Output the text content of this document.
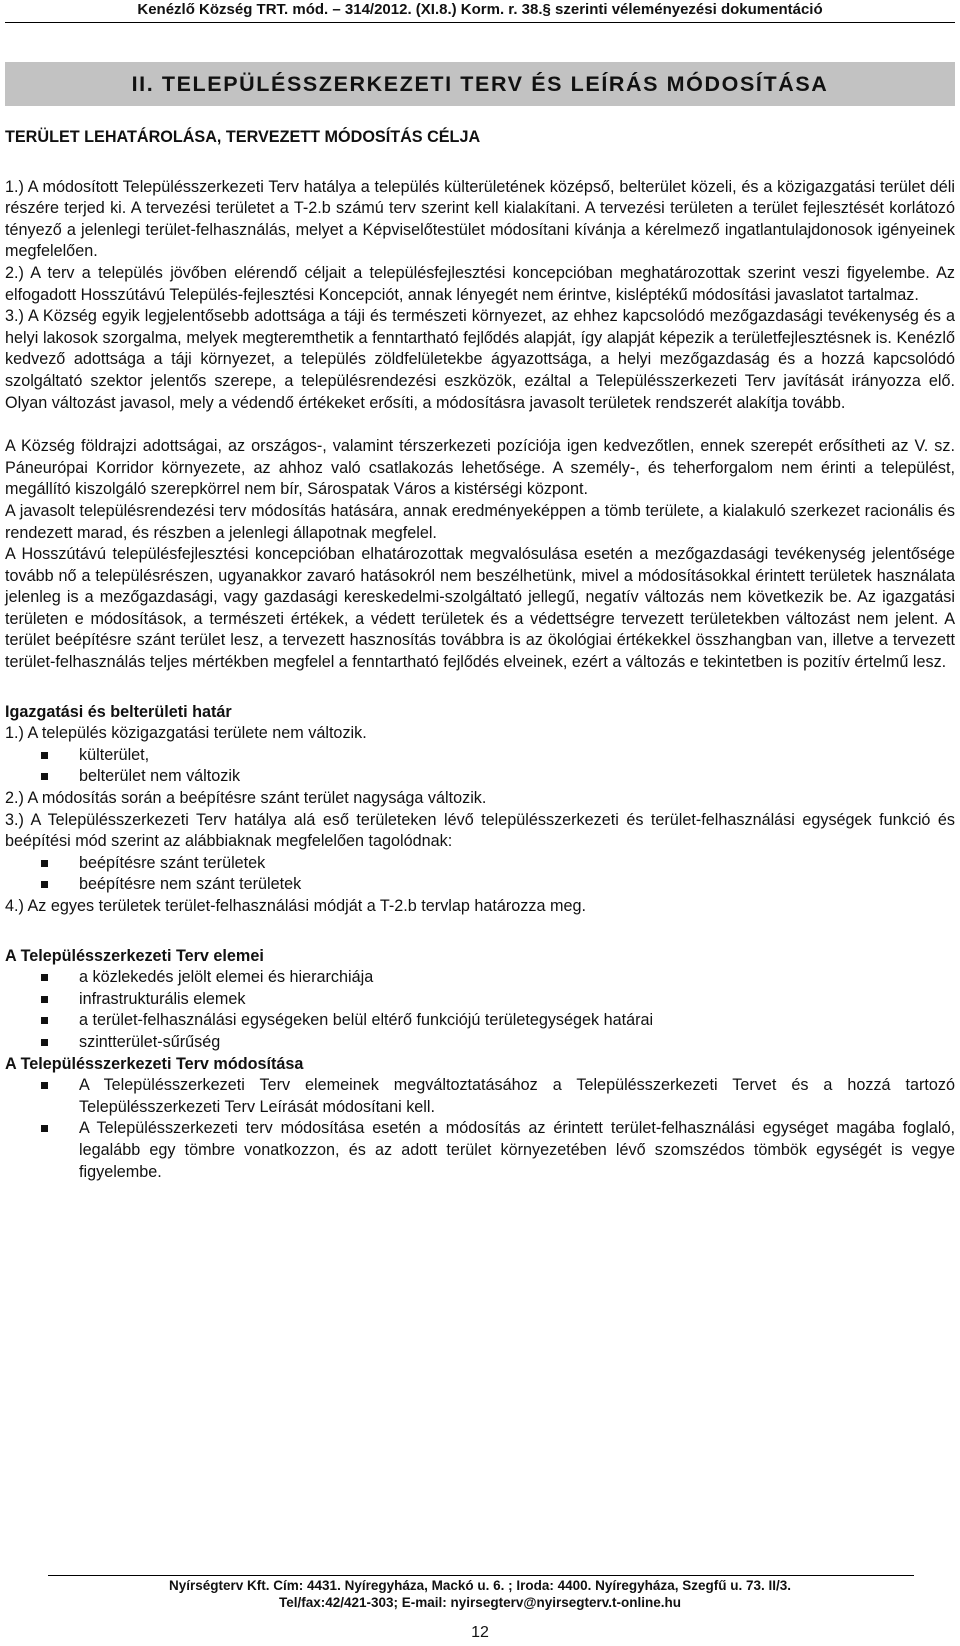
Kenézlő Község TRT. mód. – 314/2012. (XI.8.) Korm. r. 38.§ szerinti véleményezési dokumentáció
II. TELEPÜLÉSSZERKEZETI TERV ÉS LEÍRÁS MÓDOSÍTÁSA

TERÜLET LEHATÁROLÁSA, TERVEZETT MÓDOSÍTÁS CÉLJA

1.) A módosított Településszerkezeti Terv hatálya a település külterületének középső, belterület közeli, és a közigazgatási terület déli részére terjed ki. A tervezési területet a T-2.b számú terv szerint kell kialakítani. A tervezési területen a terület fejlesztését korlátozó tényező a jelenlegi terület-felhasználás, melyet a Képviselőtestület módosítani kívánja a kérelmező ingatlantulajdonosok igényeinek megfelelően.

2.) A terv a település jövőben elérendő céljait a településfejlesztési koncepcióban meghatározottak szerint veszi figyelembe. Az elfogadott Hosszútávú Település-fejlesztési Koncepciót, annak lényegét nem érintve, kisléptékű módosítási javaslatot tartalmaz.

3.) A Község egyik legjelentősebb adottsága a táji és természeti környezet, az ehhez kapcsolódó mezőgazdasági tevékenység és a helyi lakosok szorgalma, melyek megteremthetik a fenntartható fejlődés alapját, így alapját képezik a területfejlesztésnek is. Kenézlő kedvező adottsága a táji környezet, a település zöldfelületekbe ágyazottsága, a helyi mezőgazdaság és a hozzá kapcsolódó szolgáltató szektor jelentős szerepe, a településrendezési eszközök, ezáltal a Településszerkezeti Terv javítását irányozza elő. Olyan változást javasol, mely a védendő értékeket erősíti, a módosításra javasolt területek rendszerét alakítja tovább.

A Község földrajzi adottságai, az országos-, valamint térszerkezeti pozíciója igen kedvezőtlen, ennek szerepét erősítheti az V. sz. Páneurópai Korridor környezete, az ahhoz való csatlakozás lehetősége. A személy-, és teherforgalom nem érinti a települést, megállító kiszolgáló szerepkörrel nem bír, Sárospatak Város a kistérségi központ.

A javasolt településrendezési terv módosítás hatására, annak eredményeképpen a tömb területe, a kialakuló szerkezet racionális és rendezett marad, és részben a jelenlegi állapotnak megfelel.

A Hosszútávú településfejlesztési koncepcióban elhatározottak megvalósulása esetén a mezőgazdasági tevékenység jelentősége tovább nő a településrészen, ugyanakkor zavaró hatásokról nem beszélhetünk, mivel a módosításokkal érintett területek használata jelenleg is a mezőgazdasági, vagy gazdasági kereskedelmi-szolgáltató jellegű, negatív változás nem következik be. Az igazgatási területen e módosítások, a természeti értékek, a védett területek és a védettségre tervezett területekben változást nem jelent. A terület beépítésre szánt terület lesz, a tervezett hasznosítás továbbra is az ökológiai értékekkel összhangban van, illetve a tervezett terület-felhasználás teljes mértékben megfelel a fenntartható fejlődés elveinek, ezért a változás e tekintetben is pozitív értelmű lesz.

Igazgatási és belterületi határ

1.) A település közigazgatási területe nem változik.

külterület,

belterület nem változik

2.) A módosítás során a beépítésre szánt terület nagysága változik.

3.) A Településszerkezeti Terv hatálya alá eső területeken lévő településszerkezeti és terület-felhasználási egységek funkció és beépítési mód szerint az alábbiaknak megfelelően tagolódnak:

beépítésre szánt területek

beépítésre nem szánt területek

4.) Az egyes területek terület-felhasználási módját a T-2.b tervlap határozza meg.

A Településszerkezeti Terv elemei

a közlekedés jelölt elemei és hierarchiája

infrastrukturális elemek

a terület-felhasználási egységeken belül eltérő funkciójú területegységek határai

szintterület-sűrűség

A Településszerkezeti Terv módosítása

A Településszerkezeti Terv elemeinek megváltoztatásához a Településszerkezeti Tervet és a hozzá tartozó Településszerkezeti Terv Leírását módosítani kell.

A Településszerkezeti terv módosítása esetén a módosítás az érintett terület-felhasználási egységet magába foglaló, legalább egy tömbre vonatkozzon, és az adott terület környezetében lévő szomszédos tömbök egységét is vegye figyelembe.

Nyírségterv Kft. Cím: 4431. Nyíregyháza, Mackó u. 6. ; Iroda: 4400. Nyíregyháza, Szegfű u. 73. II/3.
Tel/fax:42/421-303; E-mail: nyirsegterv@nyirsegterv.t-online.hu
12
